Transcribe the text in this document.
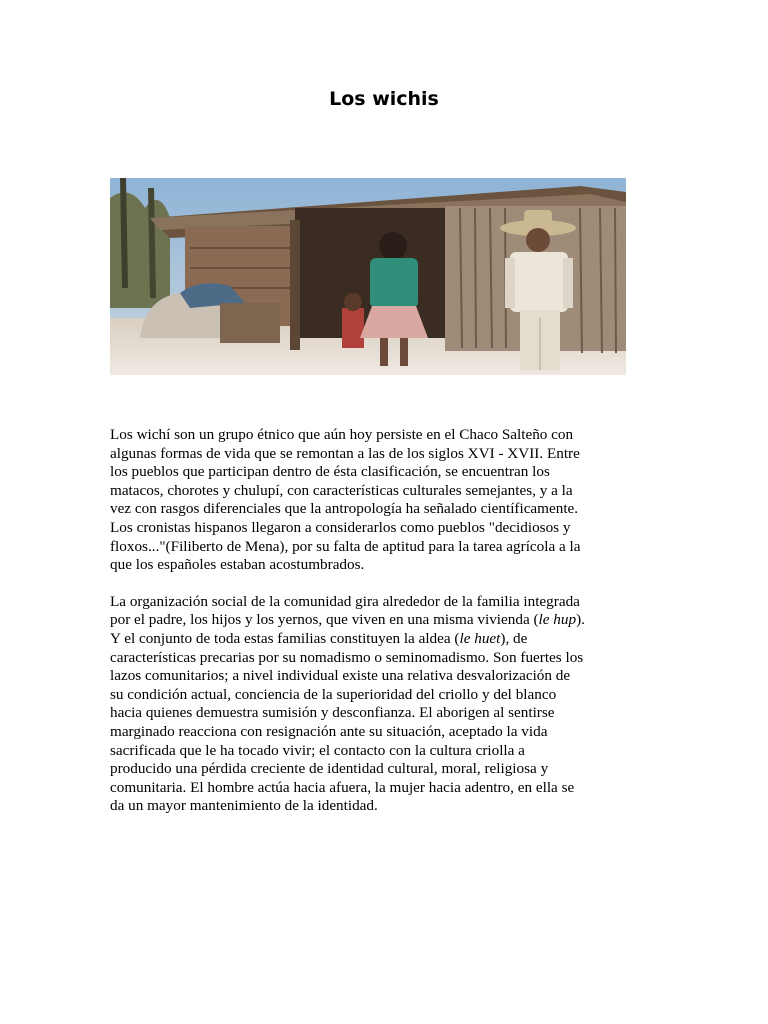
Los wichis

Los wichí son un grupo étnico que aún hoy persiste en el Chaco Salteño con
algunas formas de vida que se remontan a las de los siglos XVI - XVII. Entre
los pueblos que participan dentro de ésta clasificación, se encuentran los
matacos, chorotes y chulupí, con características culturales semejantes, y a la
vez con rasgos diferenciales que la antropología ha señalado científicamente.
Los cronistas hispanos llegaron a considerarlos como pueblos "decidiosos y
floxos..."(Filiberto de Mena), por su falta de aptitud para la tarea agrícola a la
que los españoles estaban acostumbrados.

La organización social de la comunidad gira alrededor de la familia integrada
por el padre, los hijos y los yernos, que viven en una misma vivienda (le hup).
Y el conjunto de toda estas familias constituyen la aldea (le huet), de
características precarias por su nomadismo o seminomadismo. Son fuertes los
lazos comunitarios; a nivel individual existe una relativa desvalorización de
su condición actual, conciencia de la superioridad del criollo y del blanco
hacia quienes demuestra sumisión y desconfianza. El aborigen al sentirse
marginado reacciona con resignación ante su situación, aceptado la vida
sacrificada que le ha tocado vivir; el contacto con la cultura criolla a
producido una pérdida creciente de identidad cultural, moral, religiosa y
comunitaria. El hombre actúa hacia afuera, la mujer hacia adentro, en ella se
da un mayor mantenimiento de la identidad.
